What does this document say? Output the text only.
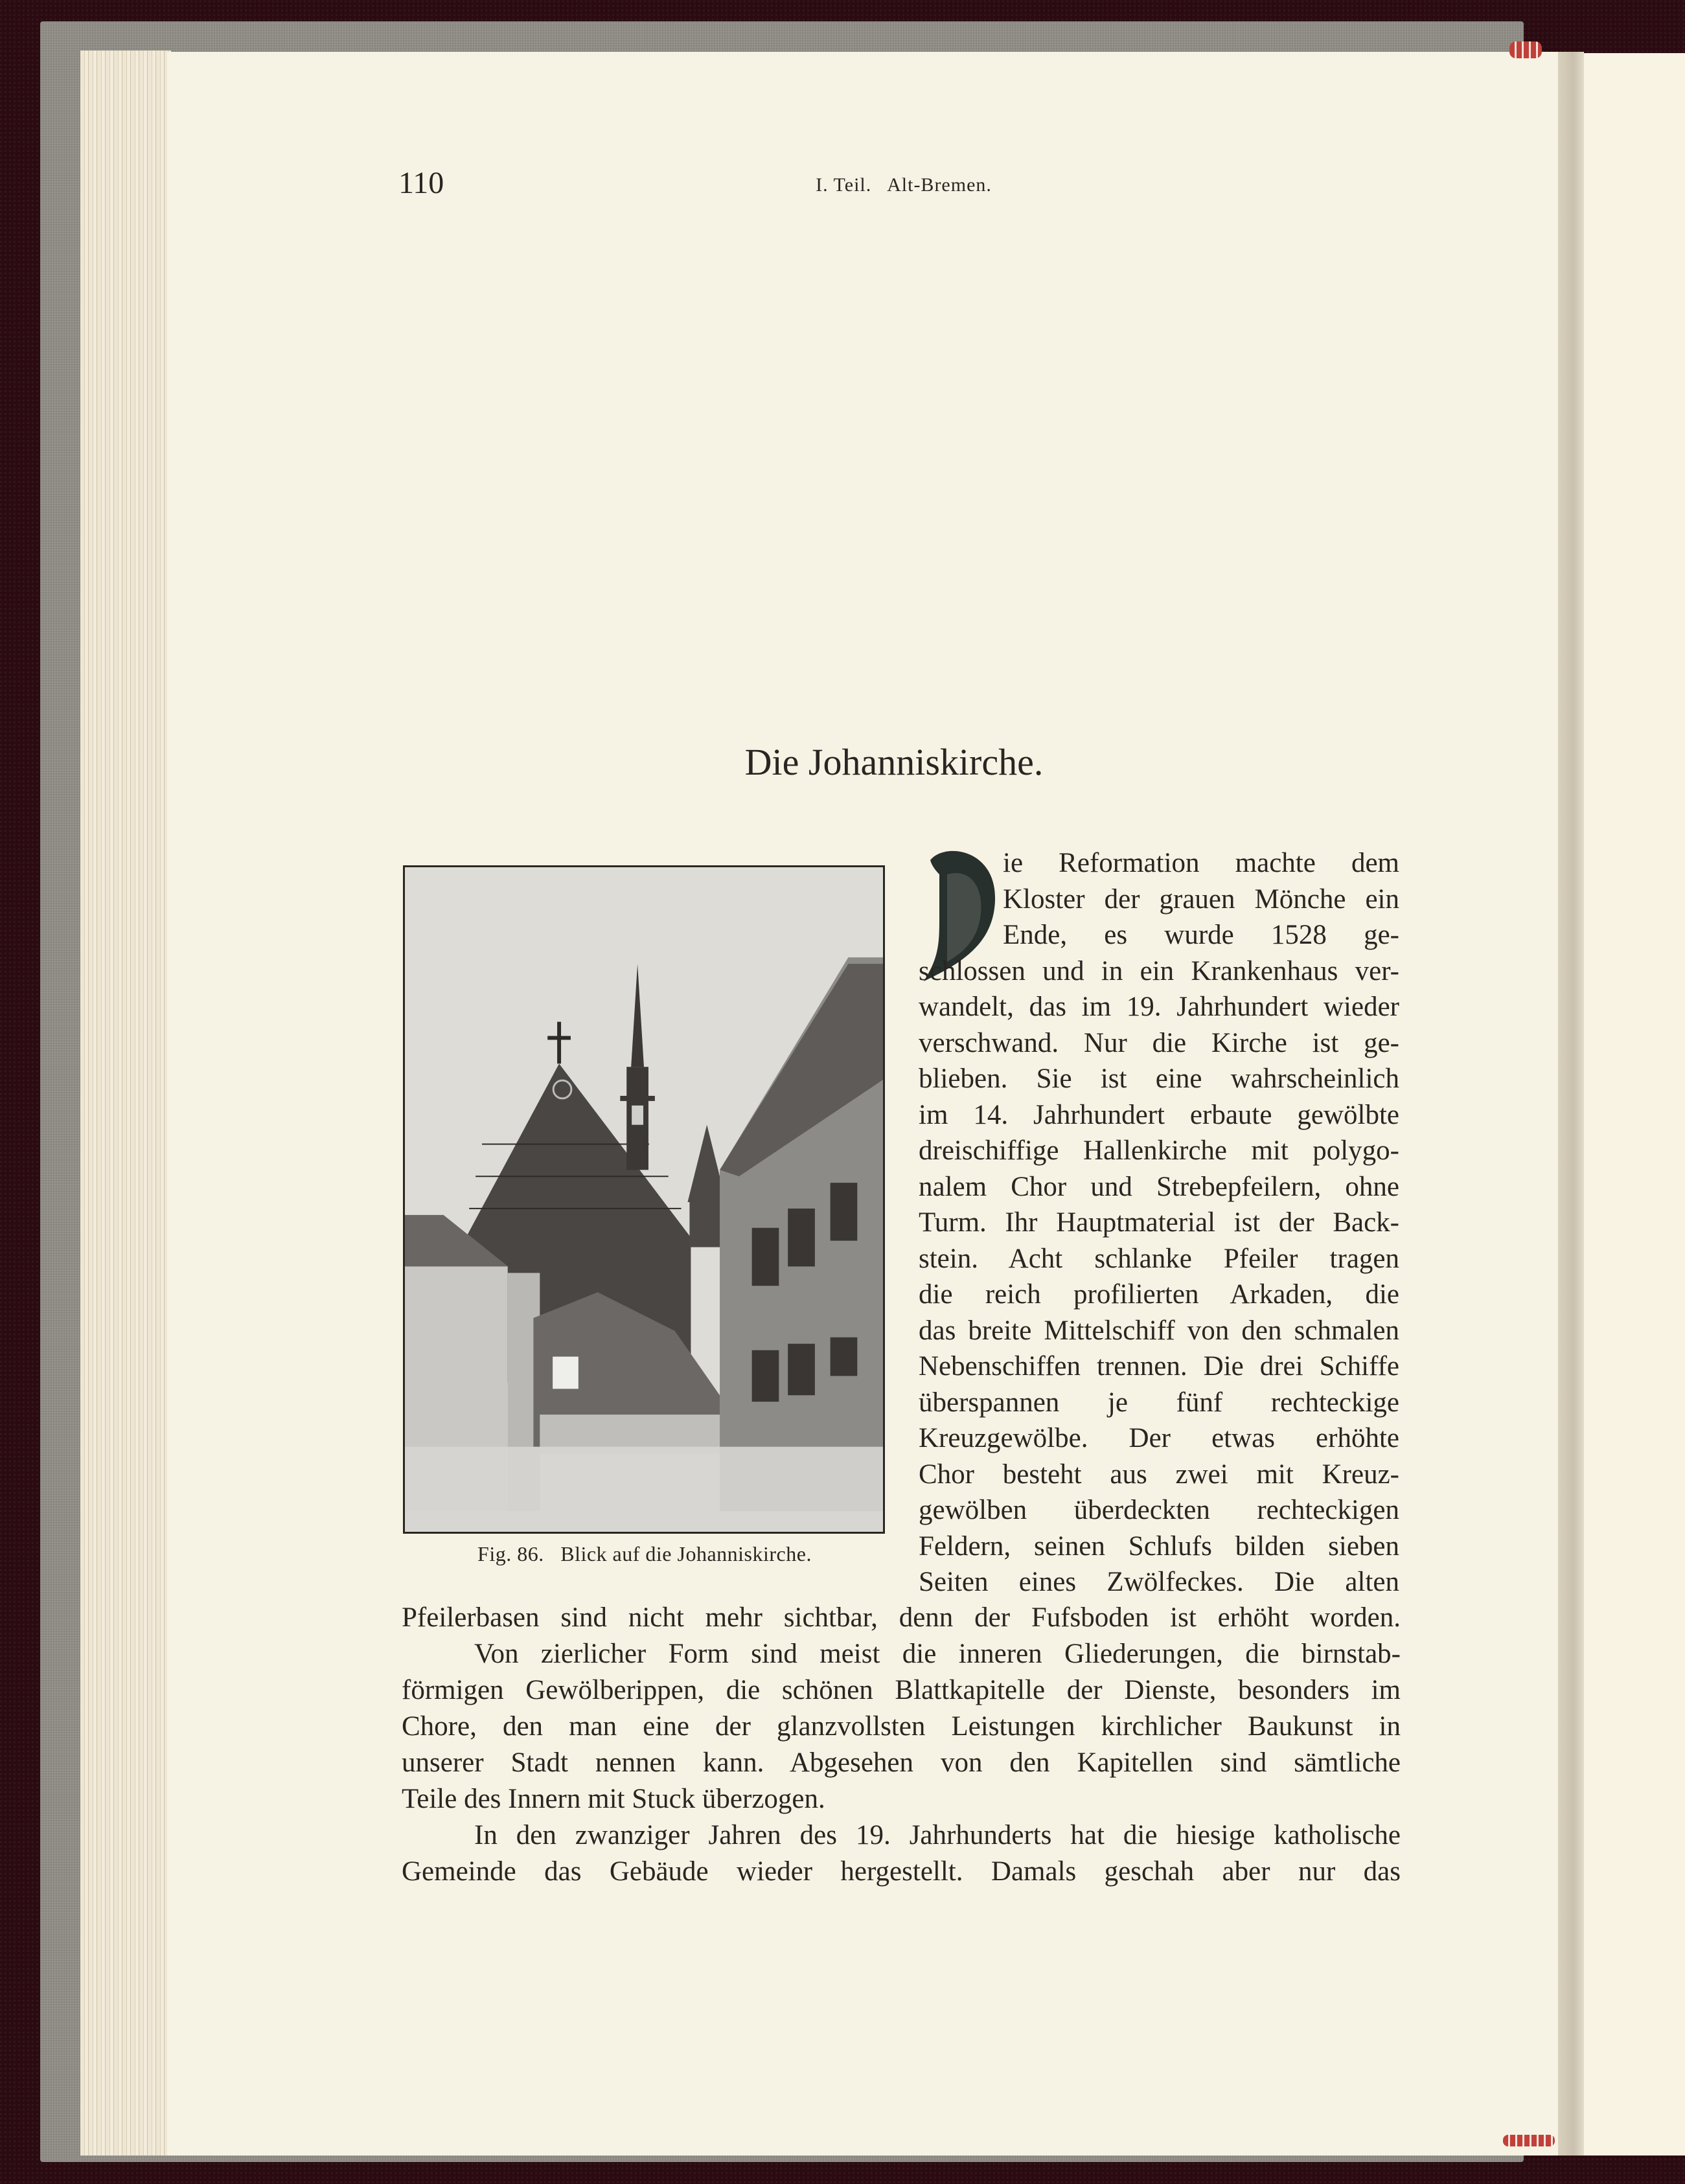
110	I. Teil.   Alt-Bremen.
Die Johanniskirche.
Fig. 86.   Blick auf die Johanniskirche.
ie Reformation machte dem
Kloster der grauen Mönche ein
Ende, es wurde 1528 ge-
schlossen und in ein Krankenhaus ver-
wandelt, das im 19. Jahrhundert wieder
verschwand. Nur die Kirche ist ge-
blieben. Sie ist eine wahrscheinlich
im 14. Jahrhundert erbaute gewölbte
dreischiffige Hallenkirche mit polygo-
nalem Chor und Strebepfeilern, ohne
Turm. Ihr Hauptmaterial ist der Back-
stein. Acht schlanke Pfeiler tragen
die reich profilierten Arkaden, die
das breite Mittelschiff von den schmalen
Nebenschiffen trennen. Die drei Schiffe
überspannen je fünf rechteckige
Kreuzgewölbe. Der etwas erhöhte
Chor besteht aus zwei mit Kreuz-
gewölben überdeckten rechteckigen
Feldern, seinen Schlufs bilden sieben
Seiten eines Zwölfeckes. Die alten
Pfeilerbasen sind nicht mehr sichtbar, denn der Fufsboden ist erhöht worden.
Von zierlicher Form sind meist die inneren Gliederungen, die birnstab-
förmigen Gewölberippen, die schönen Blattkapitelle der Dienste, besonders im
Chore, den man eine der glanzvollsten Leistungen kirchlicher Baukunst in
unserer Stadt nennen kann. Abgesehen von den Kapitellen sind sämtliche
Teile des Innern mit Stuck überzogen.
In den zwanziger Jahren des 19. Jahrhunderts hat die hiesige katholische
Gemeinde das Gebäude wieder hergestellt. Damals geschah aber nur das
